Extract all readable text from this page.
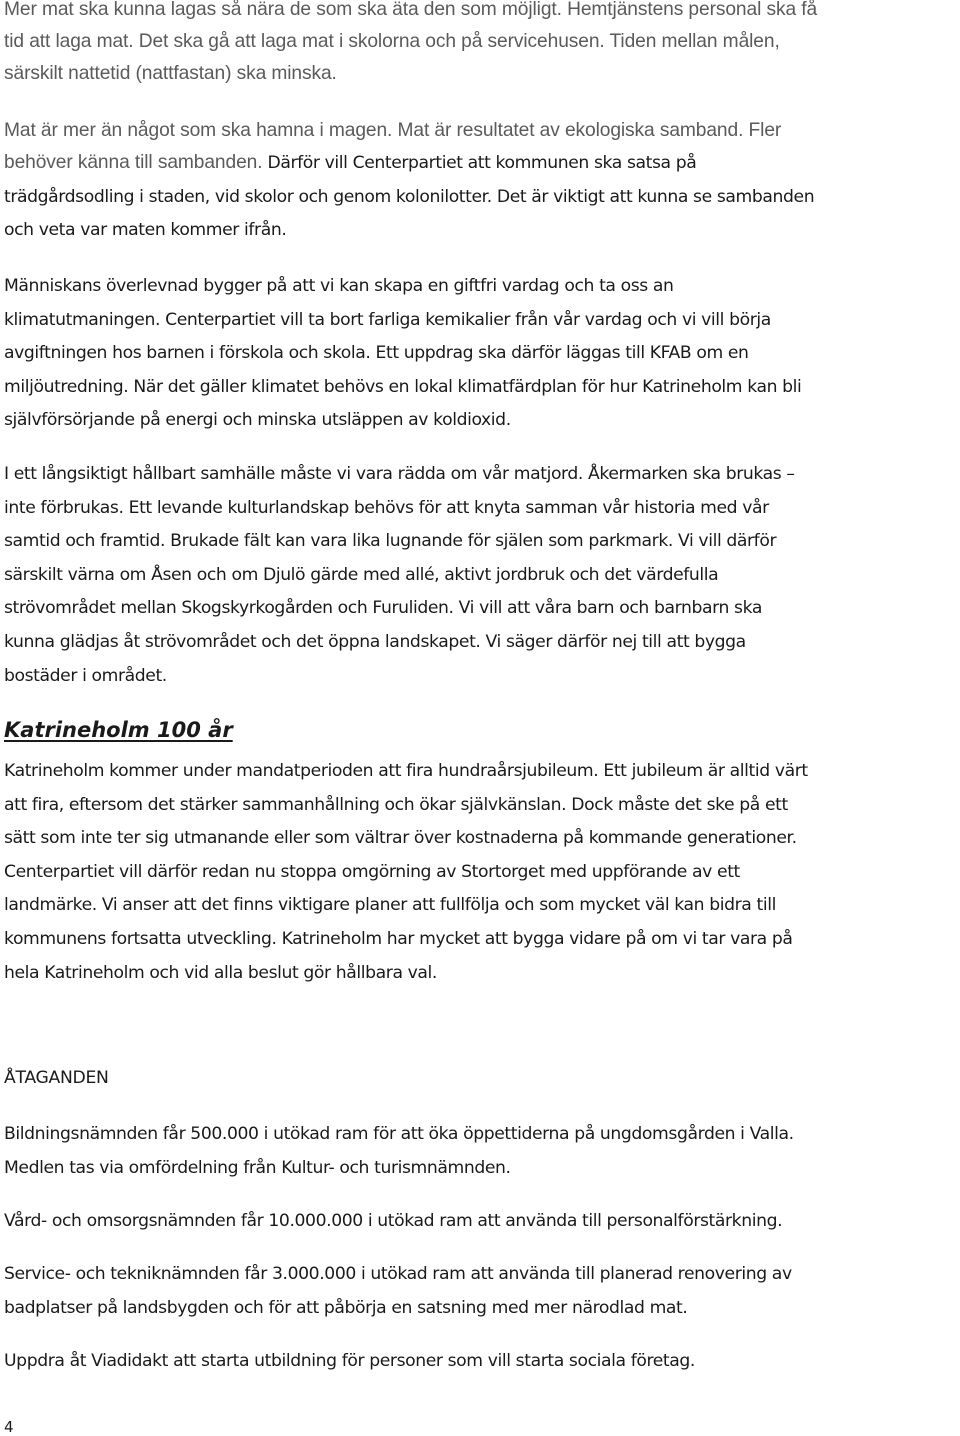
Mer mat ska kunna lagas så nära de som ska äta den som möjligt. Hemtjänstens personal ska få
tid att laga mat. Det ska gå att laga mat i skolorna och på servicehusen. Tiden mellan målen,
särskilt nattetid (nattfastan) ska minska.

Mat är mer än något som ska hamna i magen. Mat är resultatet av ekologiska samband. Fler
behöver känna till sambanden. Därför vill Centerpartiet att kommunen ska satsa på
trädgårdsodling i staden, vid skolor och genom kolonilotter. Det är viktigt att kunna se sambanden
och veta var maten kommer ifrån.

Människans överlevnad bygger på att vi kan skapa en giftfri vardag och ta oss an
klimatutmaningen. Centerpartiet vill ta bort farliga kemikalier från vår vardag och vi vill börja
avgiftningen hos barnen i förskola och skola. Ett uppdrag ska därför läggas till KFAB om en
miljöutredning. När det gäller klimatet behövs en lokal klimatfärdplan för hur Katrineholm kan bli
självförsörjande på energi och minska utsläppen av koldioxid.

I ett långsiktigt hållbart samhälle måste vi vara rädda om vår matjord. Åkermarken ska brukas –
inte förbrukas. Ett levande kulturlandskap behövs för att knyta samman vår historia med vår
samtid och framtid. Brukade fält kan vara lika lugnande för själen som parkmark. Vi vill därför
särskilt värna om Åsen och om Djulö gärde med allé, aktivt jordbruk och det värdefulla
strövområdet mellan Skogskyrkogården och Furuliden. Vi vill att våra barn och barnbarn ska
kunna glädjas åt strövområdet och det öppna landskapet. Vi säger därför nej till att bygga
bostäder i området.

Katrineholm 100 år

Katrineholm kommer under mandatperioden att fira hundraårsjubileum. Ett jubileum är alltid värt
att fira, eftersom det stärker sammanhållning och ökar självkänslan. Dock måste det ske på ett
sätt som inte ter sig utmanande eller som vältrar över kostnaderna på kommande generationer.
Centerpartiet vill därför redan nu stoppa omgörning av Stortorget med uppförande av ett
landmärke. Vi anser att det finns viktigare planer att fullfölja och som mycket väl kan bidra till
kommunens fortsatta utveckling. Katrineholm har mycket att bygga vidare på om vi tar vara på
hela Katrineholm och vid alla beslut gör hållbara val.

ÅTAGANDEN

Bildningsnämnden får 500.000 i utökad ram för att öka öppettiderna på ungdomsgården i Valla.
Medlen tas via omfördelning från Kultur- och turismnämnden.

Vård- och omsorgsnämnden får 10.000.000 i utökad ram att använda till personalförstärkning.

Service- och tekniknämnden får 3.000.000 i utökad ram att använda till planerad renovering av
badplatser på landsbygden och för att påbörja en satsning med mer närodlad mat.

Uppdra åt Viadidakt att starta utbildning för personer som vill starta sociala företag.

4
